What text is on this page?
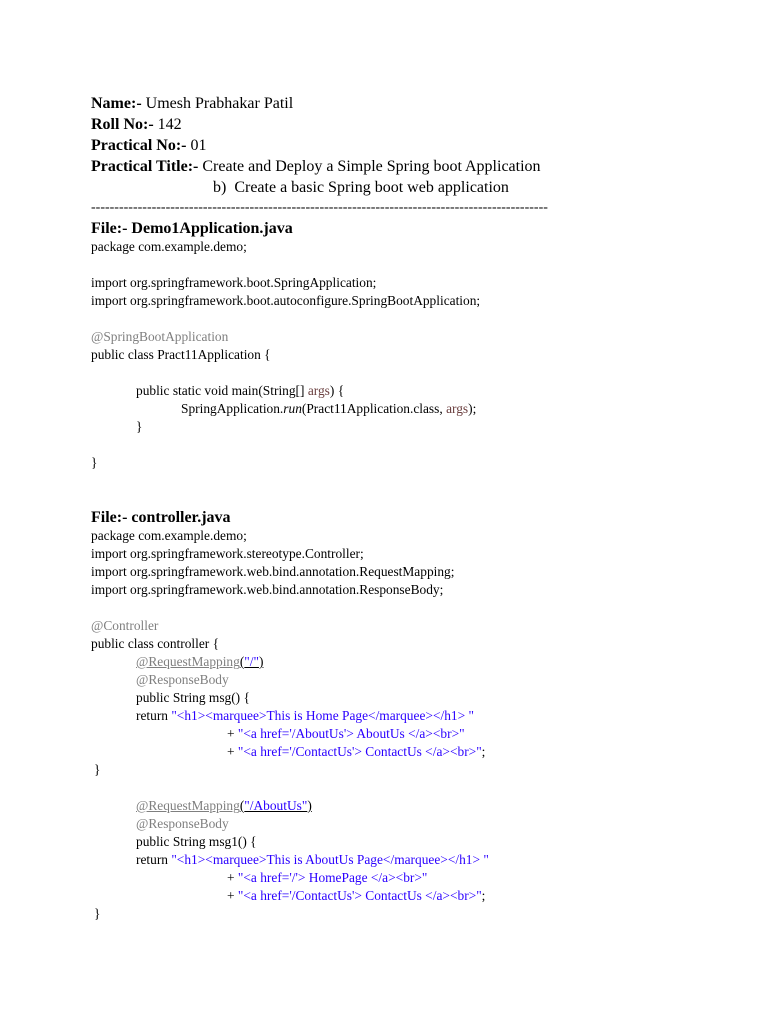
Name:- Umesh Prabhakar Patil
Roll No:- 142
Practical No:- 01
Practical Title:- Create and Deploy a Simple Spring boot Application
b)  Create a basic Spring boot web application
--------------------------------------------------------------------------------------------------
File:- Demo1Application.java
package com.example.demo;
import org.springframework.boot.SpringApplication;
import org.springframework.boot.autoconfigure.SpringBootApplication;
@SpringBootApplication
public class Pract11Application {
public static void main(String[] args) {
SpringApplication.run(Pract11Application.class, args);
}
}
File:- controller.java
package com.example.demo;
import org.springframework.stereotype.Controller;
import org.springframework.web.bind.annotation.RequestMapping;
import org.springframework.web.bind.annotation.ResponseBody;
@Controller
public class controller {
@RequestMapping("/")
@ResponseBody
public String msg() {
return "<h1><marquee>This is Home Page</marquee></h1> "
+ "<a href='/AboutUs'> AboutUs </a><br>"
+ "<a href='/ContactUs'> ContactUs </a><br>";
}
@RequestMapping("/AboutUs")
@ResponseBody
public String msg1() {
return "<h1><marquee>This is AboutUs Page</marquee></h1> "
+ "<a href='/'> HomePage </a><br>"
+ "<a href='/ContactUs'> ContactUs </a><br>";
}
